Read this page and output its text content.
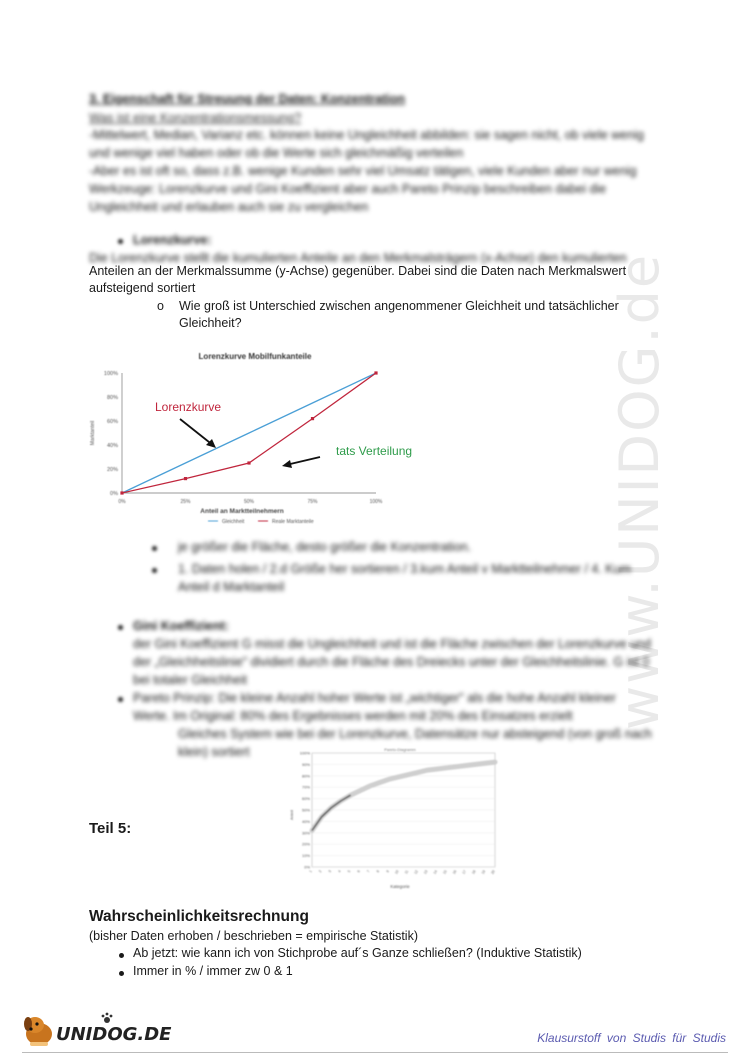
www.UNIDOG.de
3. Eigenschaft für Streuung der Daten: Konzentration
Was ist eine Konzentrationsmessung?
-Mittelwert, Median, Varianz etc. können keine Ungleichheit abbilden: sie sagen nicht, ob viele wenig
und wenige viel haben oder ob die Werte sich gleichmäßig verteilen
-Aber es ist oft so, dass z.B. wenige Kunden sehr viel Umsatz tätigen, viele Kunden aber nur wenig
Werkzeuge: Lorenzkurve und Gini Koeffizient aber auch Pareto Prinzip beschreiben dabei die
Ungleichheit und erlauben auch sie zu vergleichen
Lorenzkurve:
Die Lorenzkurve stellt die kumulierten Anteile an den Merkmalsträgern (x-Achse) den kumulierten
Anteilen an der Merkmalssumme (y-Achse) gegenüber. Dabei sind die Daten nach Merkmalswert
aufsteigend sortiert
o Wie groß ist Unterschied zwischen angenommener Gleichheit und tatsächlicher
Gleichheit?
Lorenzkurve Mobilfunkanteile
0%
20%
40%
60%
80%
100%
0%	25%	50%	75%	100%
Anteil an Marktteilnehmern
Marktanteil
Gleichheit	Reale Marktanteile
Lorenzkurve
tats Verteilung
je größer die Fläche, desto größer die Konzentration.
1. Daten holen / 2.d Größe her sortieren / 3.kum Anteil v Marktteilnehmer / 4. Kum
Anteil d Marktanteil
Gini Koeffizient:
der Gini Koeffizient G misst die Ungleichheit und ist die Fläche zwischen der Lorenzkurve und
der „Gleichheitslinie" dividiert durch die Fläche des Dreiecks unter der Gleichheitslinie. G ist 0
bei totaler Gleichheit
Pareto Prinzip: Die kleine Anzahl hoher Werte ist „wichtiger" als die hohe Anzahl kleiner
Werte. Im Original: 80% des Ergebnisses werden mit 20% des Einsatzes erzielt
Gleiches System wie bei der Lorenzkurve, Datensätze nur absteigend (von groß nach
klein) sortiert	Pareto-Diagramm
0%
10%
20%
30%
40%
50%
60%
70%
80%
90%
100%
1 2 3 4 5 6 7 8 9 10 11 12 13 14 15 16 17 18 19 20
Kategorie
Anteil
Teil 5:
Wahrscheinlichkeitsrechnung
(bisher Daten erhoben / beschrieben = empirische Statistik)
Ab jetzt: wie kann ich von Stichprobe auf´s Ganze schließen? (Induktive Statistik)
Immer in % / immer zw 0 & 1
UNIDOG.DE	Klausurstoff von Studis für Studis
